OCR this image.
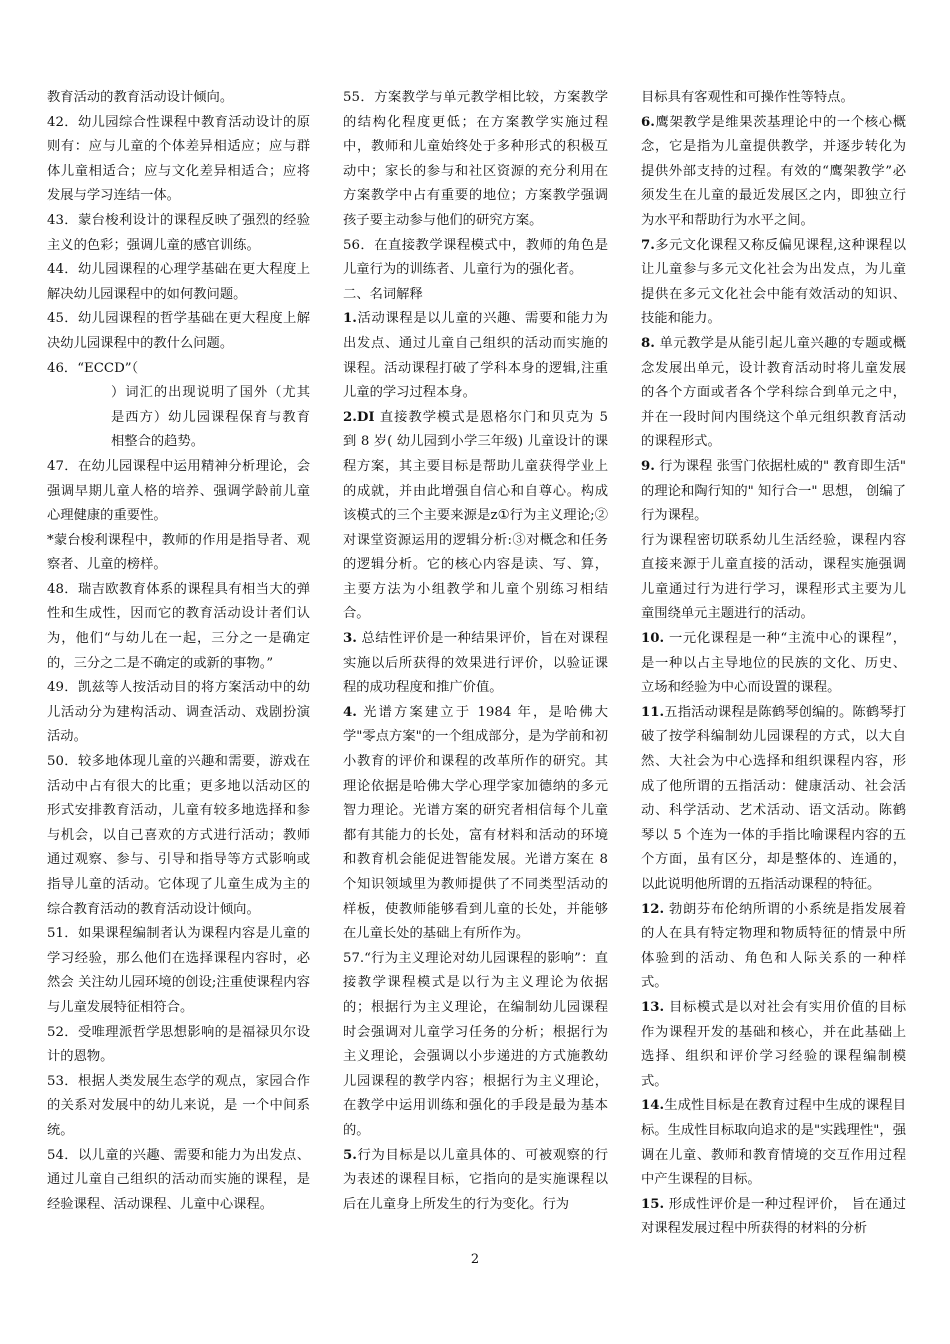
教育活动的教育活动设计倾向。

42．幼儿园综合性课程中教育活动设计的原则有：应与儿童的个体差异相适应；应与群体儿童相适合；应与文化差异相适合；应将发展与学习连结一体。

43．蒙台梭利设计的课程反映了强烈的经验主义的色彩；强调儿童的感官训练。

44．幼儿园课程的心理学基础在更大程度上解决幼儿园课程中的如何教问题。

45．幼儿园课程的哲学基础在更大程度上解决幼儿园课程中的教什么问题。

46．“ECCD”（

）词汇的出现说明了国外（尤其是西方）幼儿园课程保育与教育相整合的趋势。

47．在幼儿园课程中运用精神分析理论，会强调早期儿童人格的培养、强调学龄前儿童心理健康的重要性。

*蒙台梭利课程中，教师的作用是指导者、观察者、儿童的榜样。

48．瑞吉欧教育体系的课程具有相当大的弹性和生成性，因而它的教育活动设计者们认为，他们“与幼儿在一起，三分之一是确定的，三分之二是不确定的或新的事物。”

49．凯兹等人按活动目的将方案活动中的幼儿活动分为建构活动、调查活动、戏剧扮演活动。

50．较多地体现儿童的兴趣和需要，游戏在活动中占有很大的比重；更多地以活动区的形式安排教育活动，儿童有较多地选择和参与机会，以自己喜欢的方式进行活动；教师通过观察、参与、引导和指导等方式影响或指导儿童的活动。它体现了儿童生成为主的综合教育活动的教育活动设计倾向。

51．如果课程编制者认为课程内容是儿童的学习经验，那么他们在选择课程内容时，必然会 关注幼儿园环境的创设;注重使课程内容与儿童发展特征相符合。

52．受唯理派哲学思想影响的是福禄贝尔设计的恩物。

53．根据人类发展生态学的观点，家园合作的关系对发展中的幼儿来说，是 一个中间系统。

54．以儿童的兴趣、需要和能力为出发点、通过儿童自己组织的活动而实施的课程，是经验课程、活动课程、儿童中心课程。

55．方案教学与单元教学相比较，方案教学的结构化程度更低；在方案教学实施过程中，教师和儿童始终处于多种形式的积极互动中；家长的参与和社区资源的充分利用在方案教学中占有重要的地位；方案教学强调孩子要主动参与他们的研究方案。

56．在直接教学课程模式中，教师的角色是儿童行为的训练者、儿童行为的强化者。

二、名词解释

1.活动课程是以儿童的兴趣、需要和能力为出发点、通过儿童自己组织的活动而实施的课程。活动课程打破了学科本身的逻辑,注重儿童的学习过程本身。

2.DI 直接教学模式是恩格尔门和贝克为 5 到 8 岁( 幼儿园到小学三年级) 儿童设计的课程方案，其主要目标是帮助儿童获得学业上的成就，并由此增强自信心和自尊心。构成该模式的三个主要来源是z①行为主义理论;②对课堂资源运用的逻辑分析:③对概念和任务的逻辑分析。它的核心内容是读、写、算，主要方法为小组教学和儿童个别练习相结合。

3. 总结性评价是一种结果评价，旨在对课程实施以后所获得的效果进行评价，以验证课程的成功程度和推广价值。

4. 光谱方案建立于 1984 年，是哈佛大学"零点方案"的一个组成部分，是为学前和初小教育的评价和课程的改革所作的研究。其理论依据是哈佛大学心理学家加德纳的多元智力理论。光谱方案的研究者相信每个儿童都有其能力的长处，富有材料和活动的环境和教育机会能促进智能发展。光谱方案在 8 个知识领域里为教师提供了不同类型活动的样板，使教师能够看到儿童的长处，并能够在儿童长处的基础上有所作为。

57.“行为主义理论对幼儿园课程的影响”：直接教学课程模式是以行为主义理论为依据的；根据行为主义理论，在编制幼儿园课程时会强调对儿童学习任务的分析；根据行为主义理论，会强调以小步递进的方式施教幼儿园课程的教学内容；根据行为主义理论，在教学中运用训练和强化的手段是最为基本的。

5.行为目标是以儿童具体的、可被观察的行为表述的课程目标，它指向的是实施课程以后在儿童身上所发生的行为变化。行为

目标具有客观性和可操作性等特点。

6.鹰架教学是维果茨基理论中的一个核心概念，它是指为儿童提供教学，并逐步转化为提供外部支持的过程。有效的“鹰架教学”必须发生在儿童的最近发展区之内，即独立行为水平和帮助行为水平之间。

7.多元文化课程又称反偏见课程,这种课程以让儿童参与多元文化社会为出发点，为儿童提供在多元文化社会中能有效活动的知识、技能和能力。

8. 单元教学是从能引起儿童兴趣的专题或概念发展出单元，设计教育活动时将儿童发展的各个方面或者各个学科综合到单元之中，并在一段时间内围绕这个单元组织教育活动的课程形式。

9. 行为课程 张雪门依据杜威的" 教育即生活" 的理论和陶行知的" 知行合一" 思想， 创编了行为课程。

行为课程密切联系幼儿生活经验，课程内容直接来源于儿童直接的活动，课程实施强调儿童通过行为进行学习，课程形式主要为儿童围绕单元主题进行的活动。

10. 一元化课程是一种“主流中心的课程”，是一种以占主导地位的民族的文化、历史、立场和经验为中心而设置的课程。

11.五指活动课程是陈鹤琴创编的。陈鹤琴打破了按学科编制幼儿园课程的方式，以大自然、大社会为中心选择和组织课程内容，形成了他所谓的五指活动：健康活动、社会活动、科学活动、艺术活动、语文活动。陈鹤琴以 5 个连为一体的手指比喻课程内容的五个方面，虽有区分，却是整体的、连通的，以此说明他所谓的五指活动课程的特征。

12. 勃朗芬布伦纳所谓的小系统是指发展着的人在具有特定物理和物质特征的情景中所体验到的活动、角色和人际关系的一种样式。

13. 目标模式是以对社会有实用价值的目标作为课程开发的基础和核心，并在此基础上选择、组织和评价学习经验的课程编制模式。

14.生成性目标是在教育过程中生成的课程目标。生成性目标取向追求的是"实践理性"，强调在儿童、教师和教育情境的交互作用过程中产生课程的目标。

15. 形成性评价是一种过程评价， 旨在通过对课程发展过程中所获得的材料的分析

2
